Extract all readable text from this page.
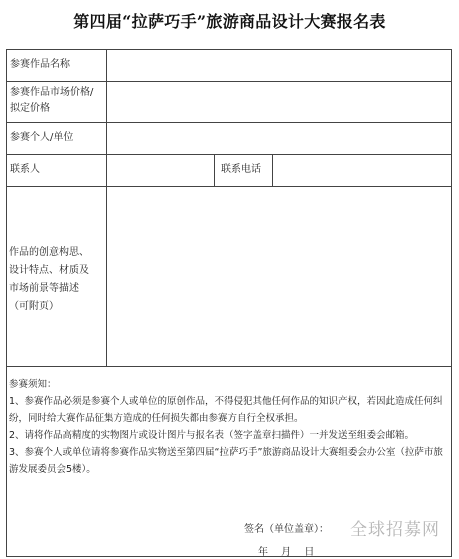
第四届“拉萨巧手”旅游商品设计大赛报名表
参赛作品名称
参赛作品市场价格/
拟定价格
参赛个人/单位
联系人	联系电话
作品的创意构思、
设计特点、材质及
市场前景等描述
（可附页）

参赛须知：

1、参赛作品必须是参赛个人或单位的原创作品，不得侵犯其他任何作品的知识产权，若因此造成任何纠纷，同时给大赛作品征集方造成的任何损失都由参赛方自行全权承担。

2、请将作品高精度的实物图片或设计图片与报名表（签字盖章扫描件）一并发送至组委会邮箱。

3、参赛个人或单位请将参赛作品实物送至第四届“拉萨巧手”旅游商品设计大赛组委会办公室（拉萨市旅游发展委员会5楼）。

签名（单位盖章）：
年 月 日
全球招募网
